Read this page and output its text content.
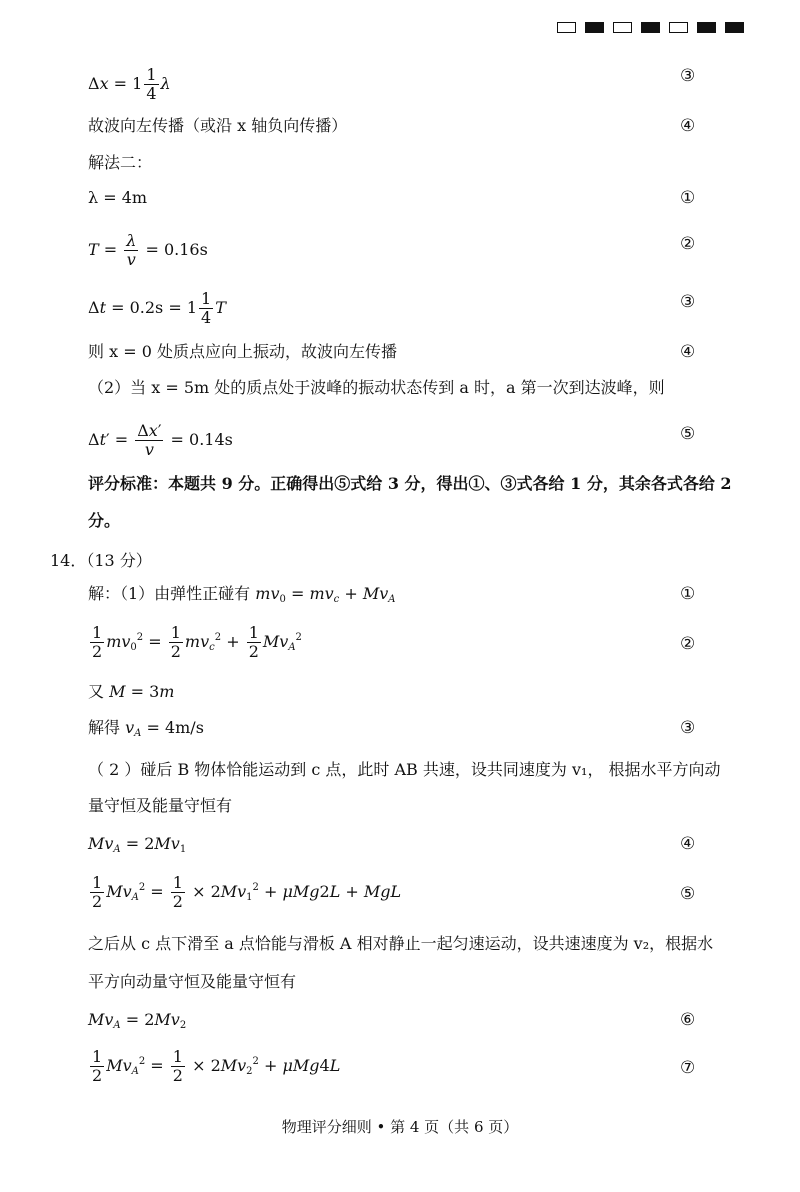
$\Delta x = 1 \frac{1}{4}$ λ	③
故波向左传播（或沿 x 轴负向传播）	④
解法二：
λ = 4m	①
$T = \frac{\lambda}{v} = 0.16s$	②
$\Delta t = 0.2s = 1 \frac{1}{4}$ T	③
则 x = 0 处质点应向上振动，故波向左传播	④
（2）当 x = 5m 处的质点处于波峰的振动状态传到 a 时，a 第一次到达波峰，则
$\Delta t' = \frac{\Delta x'}{v} = 0.14s$	⑤
评分标准：本题共 9 分。正确得出⑤式给 3 分，得出①、③式各给 1 分，其余各式各给 2
分。
14．（13 分）
解：（1）由弹性正碰有 $mv_0 = mv_c + Mv_A$	①
$\frac{1}{2} mv_0^2 = \frac{1}{2} mv_c^2 + \frac{1}{2} Mv_A^2$	②
又 M = 3m
解得 $v_A = 4m/s$	③
（ 2 ）碰后 B 物体恰能运动到 c 点，此时 AB 共速，设共同速度为 v₁， 根据水平方向动
量守恒及能量守恒有
$Mv_A = 2Mv_1$	④
$\frac{1}{2} Mv_A^2 = \frac{1}{2} \times 2Mv_1^2 + \mu Mg2L$ + MgL	⑤
之后从 c 点下滑至 a 点恰能与滑板 A 相对静止一起匀速运动，设共速速度为 v₂，根据水
平方向动量守恒及能量守恒有
$Mv_A = 2Mv_2$	⑥
$\frac{1}{2} Mv_A^2 = \frac{1}{2} \times 2Mv_2^2 + \mu Mg4L$	⑦
物理评分细则 • 第 4 页（共 6 页）
